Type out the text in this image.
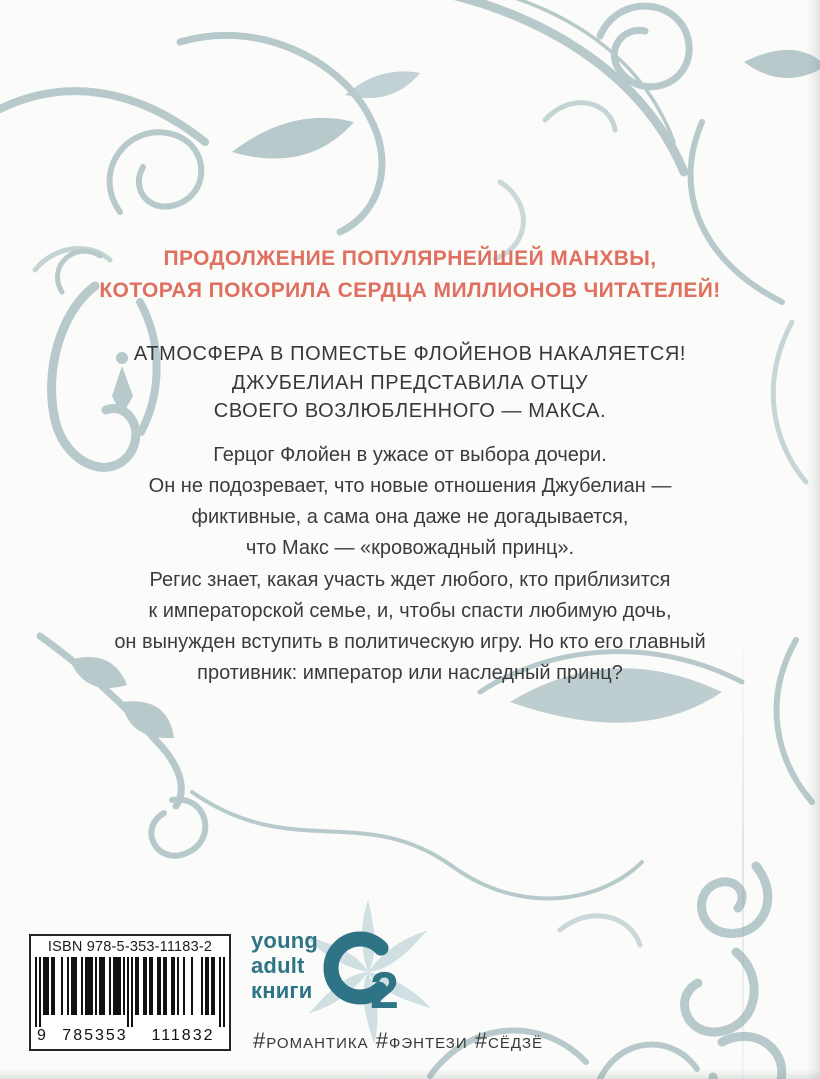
ПРОДОЛЖЕНИЕ ПОПУЛЯРНЕЙШЕЙ МАНХВЫ,
КОТОРАЯ ПОКОРИЛА СЕРДЦА МИЛЛИОНОВ ЧИТАТЕЛЕЙ!
АТМОСФЕРА В ПОМЕСТЬЕ ФЛОЙЕНОВ НАКАЛЯЕТСЯ!
ДЖУБЕЛИАН ПРЕДСТАВИЛА ОТЦУ
СВОЕГО ВОЗЛЮБЛЕННОГО — МАКСА.
Герцог Флойен в ужасе от выбора дочери.
Он не подозревает, что новые отношения Джубелиан —
фиктивные, а сама она даже не догадывается,
что Макс — «кровожадный принц».
Регис знает, какая участь ждет любого, кто приблизится
к императорской семье, и, чтобы спасти любимую дочь,
он вынужден вступить в политическую игру. Но кто его главный
противник: император или наследный принц?
ISBN 978-5-353-11183-2
9	785353	111832
young
adult
книги 2
#романтика #фэнтези #сёдзё
